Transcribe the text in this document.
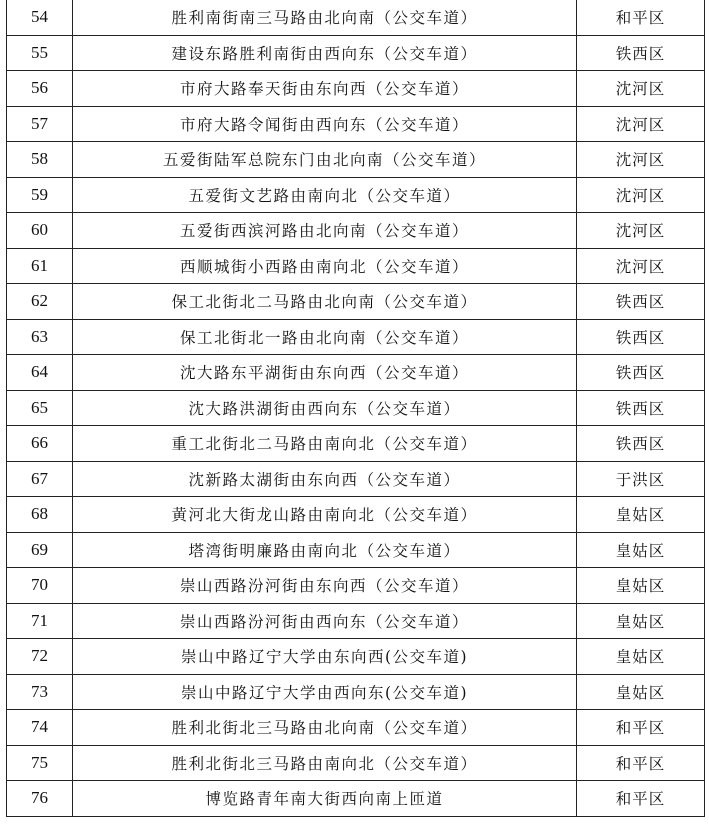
54	胜利南街南三马路由北向南（公交车道）	和平区
55	建设东路胜利南街由西向东（公交车道）	铁西区
56	市府大路奉天街由东向西（公交车道）	沈河区
57	市府大路令闻街由西向东（公交车道）	沈河区
58	五爱街陆军总院东门由北向南（公交车道）	沈河区
59	五爱街文艺路由南向北（公交车道）	沈河区
60	五爱街西滨河路由北向南（公交车道）	沈河区
61	西顺城街小西路由南向北（公交车道）	沈河区
62	保工北街北二马路由北向南（公交车道）	铁西区
63	保工北街北一路由北向南（公交车道）	铁西区
64	沈大路东平湖街由东向西（公交车道）	铁西区
65	沈大路洪湖街由西向东（公交车道）	铁西区
66	重工北街北二马路由南向北（公交车道）	铁西区
67	沈新路太湖街由东向西（公交车道）	于洪区
68	黄河北大街龙山路由南向北（公交车道）	皇姑区
69	塔湾街明廉路由南向北（公交车道）	皇姑区
70	崇山西路汾河街由东向西（公交车道）	皇姑区
71	崇山西路汾河街由西向东（公交车道）	皇姑区
72	崇山中路辽宁大学由东向西(公交车道)	皇姑区
73	崇山中路辽宁大学由西向东(公交车道)	皇姑区
74	胜利北街北三马路由北向南（公交车道）	和平区
75	胜利北街北三马路由南向北（公交车道）	和平区
76	博览路青年南大街西向南上匝道	和平区
